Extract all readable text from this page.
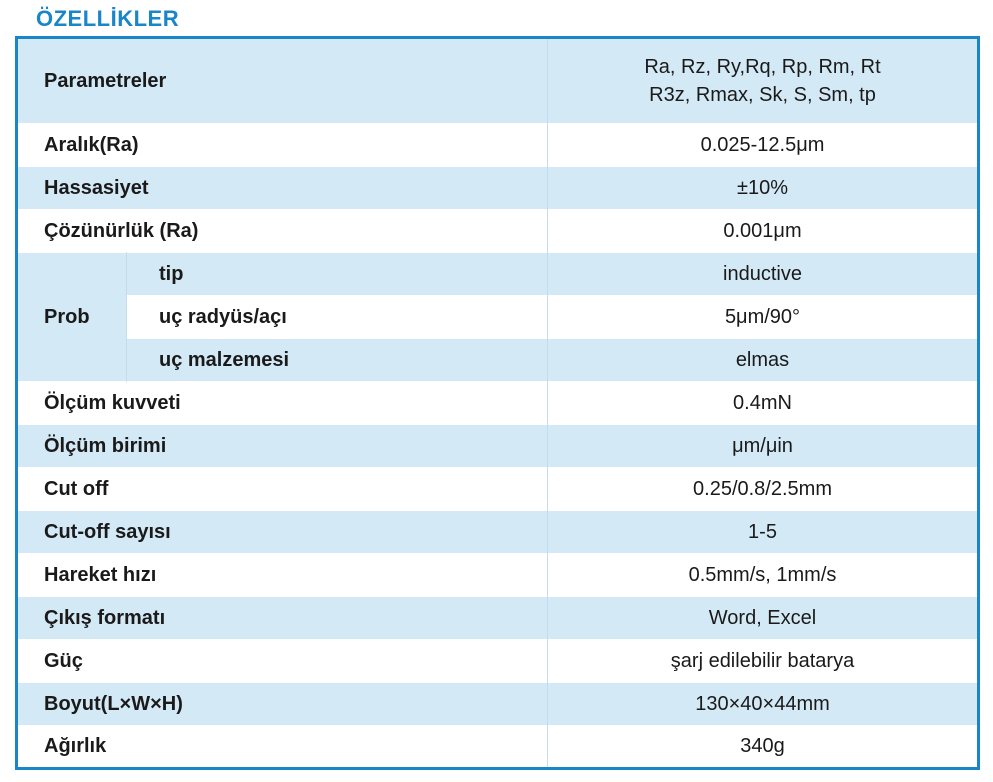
ÖZELLİKLER
Parametreler		Ra, Rz, Ry,Rq, Rp, Rm, Rt
R3z, Rmax, Sk, S, Sm, tp

Aralık(Ra)		0.025-12.5μm
Hassasiyet		±10%
Çözünürlük (Ra)		0.001μm
Prob	tip	inductive
	uç radyüs/açı	5μm/90°
	uç malzemesi	elmas
Ölçüm kuvveti		0.4mN
Ölçüm birimi		μm/μin
Cut off		0.25/0.8/2.5mm
Cut-off sayısı		1-5
Hareket hızı		0.5mm/s, 1mm/s
Çıkış formatı		Word, Excel
Güç		şarj edilebilir batarya
Boyut(L×W×H)		130×40×44mm
Ağırlık		340g
